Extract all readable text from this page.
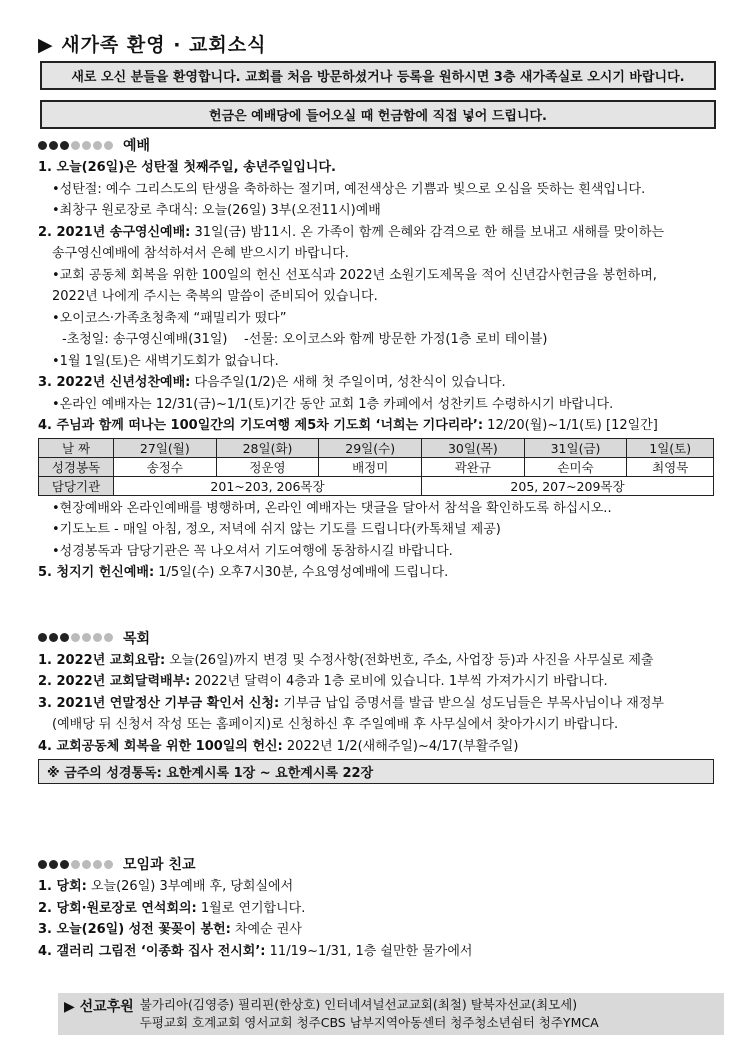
▶ 새가족 환영 · 교회소식
새로 오신 분들을 환영합니다. 교회를 처음 방문하셨거나 등록을 원하시면 3층 새가족실로 오시기 바랍니다.
헌금은 예배당에 들어오실 때 헌금함에 직접 넣어 드립니다.
예배
1. 오늘(26일)은 성탄절 첫째주일, 송년주일입니다.
•성탄절: 예수 그리스도의 탄생을 축하하는 절기며, 예전색상은 기쁨과 빛으로 오심을 뜻하는 흰색입니다.
•최창구 원로장로 추대식: 오늘(26일) 3부(오전11시)예배
2. 2021년 송구영신예배: 31일(금) 밤11시. 온 가족이 함께 은혜와 감격으로 한 해를 보내고 새해를 맞이하는
송구영신예배에 참석하셔서 은혜 받으시기 바랍니다.
•교회 공동체 회복을 위한 100일의 헌신 선포식과 2022년 소원기도제목을 적어 신년감사헌금을 봉헌하며,
2022년 나에게 주시는 축복의 말씀이 준비되어 있습니다.
•오이코스·가족초청축제 “패밀리가 떴다”
-초청일: 송구영신예배(31일)    -선물: 오이코스와 함께 방문한 가정(1층 로비 테이블)
•1월 1일(토)은 새벽기도회가 없습니다.
3. 2022년 신년성찬예배: 다음주일(1/2)은 새해 첫 주일이며, 성찬식이 있습니다.
•온라인 예배자는 12/31(금)~1/1(토)기간 동안 교회 1층 카페에서 성찬키트 수령하시기 바랍니다.
4. 주님과 함께 떠나는 100일간의 기도여행 제5차 기도회 ‘너희는 기다리라’: 12/20(월)~1/1(토) [12일간]
날 짜	27일(월)	28일(화)	29일(수)	30일(목)	31일(금)	1일(토)
성경봉독	송정수	정운영	배정미	곽완규	손미숙	최영묵
담당기관	201~203, 206목장			205, 207~209목장		
•현장예배와 온라인예배를 병행하며, 온라인 예배자는 댓글을 달아서 참석을 확인하도록 하십시오..
•기도노트 - 매일 아침, 정오, 저녁에 쉬지 않는 기도를 드립니다(카톡채널 제공)
•성경봉독과 담당기관은 꼭 나오셔서 기도여행에 동참하시길 바랍니다.
5. 청지기 헌신예배: 1/5일(수) 오후7시30분, 수요영성예배에 드립니다.
목회
1. 2022년 교회요람: 오늘(26일)까지 변경 및 수정사항(전화번호, 주소, 사업장 등)과 사진을 사무실로 제출
2. 2022년 교회달력배부: 2022년 달력이 4층과 1층 로비에 있습니다. 1부씩 가져가시기 바랍니다.
3. 2021년 연말정산 기부금 확인서 신청: 기부금 납입 증명서를 발급 받으실 성도님들은 부목사님이나 재정부
(예배당 뒤 신청서 작성 또는 홈페이지)로 신청하신 후 주일예배 후 사무실에서 찾아가시기 바랍니다.
4. 교회공동체 회복을 위한 100일의 헌신: 2022년 1/2(새해주일)~4/17(부활주일)
※ 금주의 성경통독: 요한계시록 1장 ~ 요한계시록 22장
모임과 친교
1. 당회: 오늘(26일) 3부예배 후, 당회실에서
2. 당회·원로장로 연석회의: 1월로 연기합니다.
3. 오늘(26일) 성전 꽃꽂이 봉헌: 차예순 권사
4. 갤러리 그림전 ‘이종화 집사 전시회’: 11/19~1/31, 1층 쉴만한 물가에서
▶ 선교후원 불가리아(김영증) 필리핀(한상호) 인터네셔널선교교회(최철) 탈북자선교(최모세)
두평교회 호계교회 영서교회 청주CBS 남부지역아동센터 청주청소년쉼터 청주YMCA
